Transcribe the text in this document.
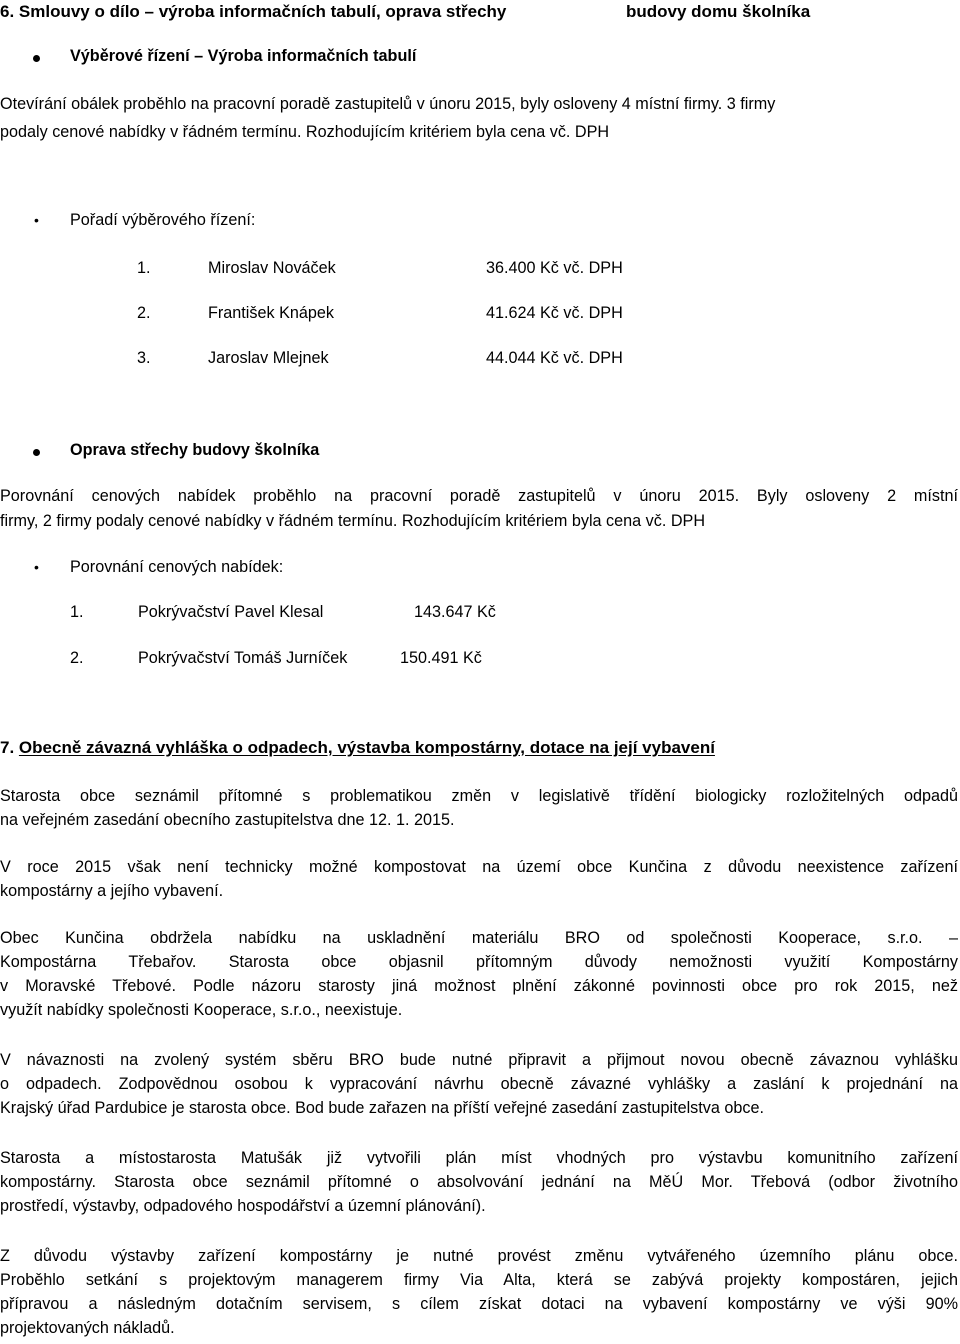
6. Smlouvy o dílo – výroba informačních tabulí, oprava střechy	budovy domu školníka
Výběrové řízení – Výroba informačních tabulí
Otevírání obálek proběhlo na pracovní poradě zastupitelů v únoru 2015, byly osloveny 4 místní firmy. 3 firmy
podaly cenové nabídky v řádném termínu. Rozhodujícím kritériem byla cena vč. DPH
• Pořadí výběrového řízení:
1.	Miroslav Nováček	36.400 Kč vč. DPH
2.	František Knápek	41.624 Kč vč. DPH
3.	Jaroslav Mlejnek	44.044 Kč vč. DPH
Oprava střechy budovy školníka
Porovnání cenových nabídek proběhlo na pracovní poradě zastupitelů v únoru 2015. Byly osloveny 2 místní
firmy, 2 firmy podaly cenové nabídky v řádném termínu. Rozhodujícím kritériem byla cena vč. DPH
• Porovnání cenových nabídek:
1.	Pokrývačství Pavel Klesal	143.647 Kč
2.	Pokrývačství Tomáš Jurníček	150.491 Kč
7. Obecně závazná vyhláška o odpadech, výstavba kompostárny, dotace na její vybavení
Starosta obce seznámil přítomné s problematikou změn v legislativě třídění biologicky rozložitelných odpadů
na veřejném zasedání obecního zastupitelstva dne 12. 1. 2015.
V roce 2015 však není technicky možné kompostovat na území obce Kunčina z důvodu neexistence zařízení
kompostárny a jejího vybavení.
Obec Kunčina obdržela nabídku na uskladnění materiálu BRO od společnosti Kooperace, s.r.o. –
Kompostárna Třebařov. Starosta obce objasnil přítomným důvody nemožnosti využití Kompostárny
v Moravské Třebové. Podle názoru starosty jiná možnost plnění zákonné povinnosti obce pro rok 2015, než
využít nabídky společnosti Kooperace, s.r.o., neexistuje.
V návaznosti na zvolený systém sběru BRO bude nutné připravit a přijmout novou obecně závaznou vyhlášku
o odpadech. Zodpovědnou osobou k vypracování návrhu obecně závazné vyhlášky a zaslání k projednání na
Krajský úřad Pardubice je starosta obce. Bod bude zařazen na příští veřejné zasedání zastupitelstva obce.
Starosta a místostarosta Matušák již vytvořili plán míst vhodných pro výstavbu komunitního zařízení
kompostárny. Starosta obce seznámil přítomné o absolvování jednání na MěÚ Mor. Třebová (odbor životního
prostředí, výstavby, odpadového hospodářství a územní plánování).
Z důvodu výstavby zařízení kompostárny je nutné provést změnu vytvářeného územního plánu obce.
Proběhlo setkání s projektovým managerem firmy Via Alta, která se zabývá projekty kompostáren, jejich
přípravou a následným dotačním servisem, s cílem získat dotaci na vybavení kompostárny ve výši 90%
projektovaných nákladů.
